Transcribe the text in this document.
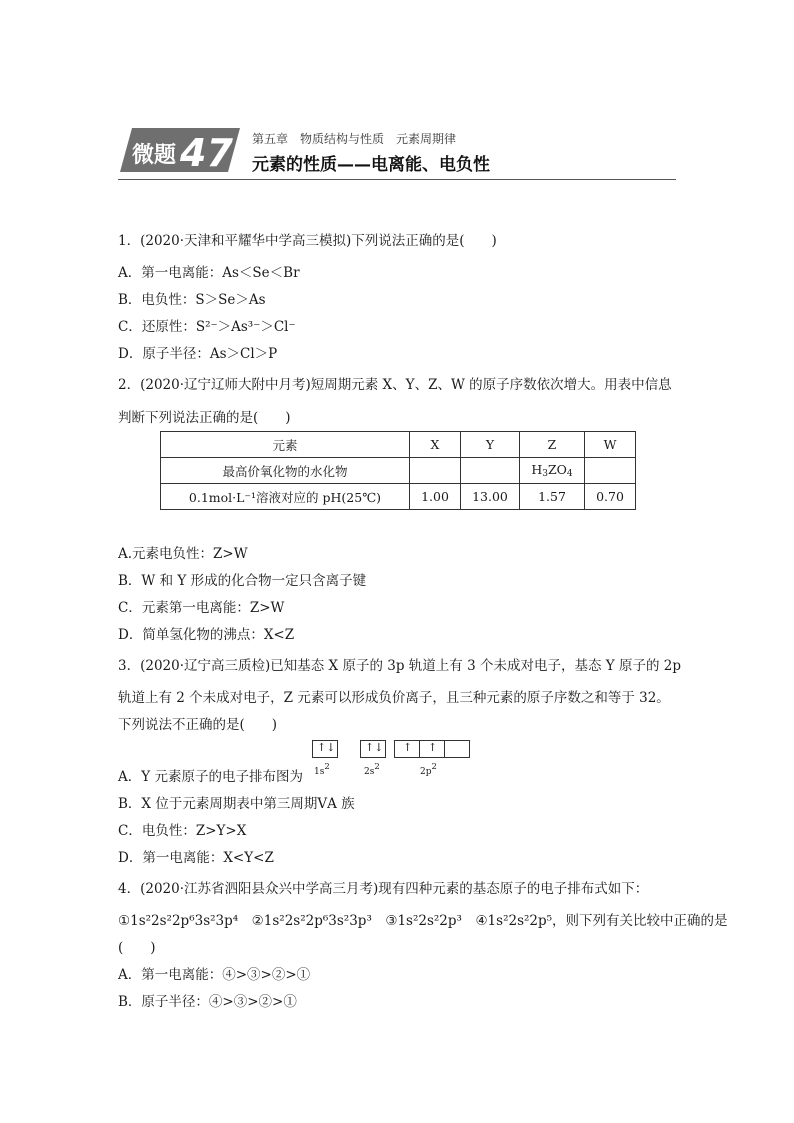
微题 47 第五章　物质结构与性质　元素周期律
元素的性质——电离能、电负性
1．(2020·天津和平耀华中学高三模拟)下列说法正确的是(　　)
A．第一电离能：As＜Se＜Br
B．电负性：S＞Se＞As
C．还原性：S²⁻＞As³⁻＞Cl⁻
D．原子半径：As＞Cl＞P
2．(2020·辽宁辽师大附中月考)短周期元素 X、Y、Z、W 的原子序数依次增大。用表中信息
判断下列说法正确的是(　　)
元素	X	Y	Z	W
最高价氧化物的水化物			$H_3ZO_4$	
0.1mol·L⁻¹溶液对应的 pH(25℃)	1.00	13.00	1.57	0.70
A.元素电负性：Z>W
B．W 和 Y 形成的化合物一定只含离子键
C．元素第一电离能：Z>W
D．简单氢化物的沸点：X<Z
3．(2020·辽宁高三质检)已知基态 X 原子的 3p 轨道上有 3 个未成对电子，基态 Y 原子的 2p
轨道上有 2 个未成对电子，Z 元素可以形成负价离子，且三种元素的原子序数之和等于 32。
下列说法不正确的是(　　)
A．Y 元素原子的电子排布图为
↑↓	↑↓ ↑ ↑
1s2	2s2	2p2
B．X 位于元素周期表中第三周期ⅤA 族
C．电负性：Z>Y>X
D．第一电离能：X<Y<Z
4．(2020·江苏省泗阳县众兴中学高三月考)现有四种元素的基态原子的电子排布式如下：
①1s²2s²2p⁶3s²3p⁴　②1s²2s²2p⁶3s²3p³　③1s²2s²2p³　④1s²2s²2p⁵，则下列有关比较中正确的是
(　　)
A．第一电离能：④>③>②>①
B．原子半径：④>③>②>①
